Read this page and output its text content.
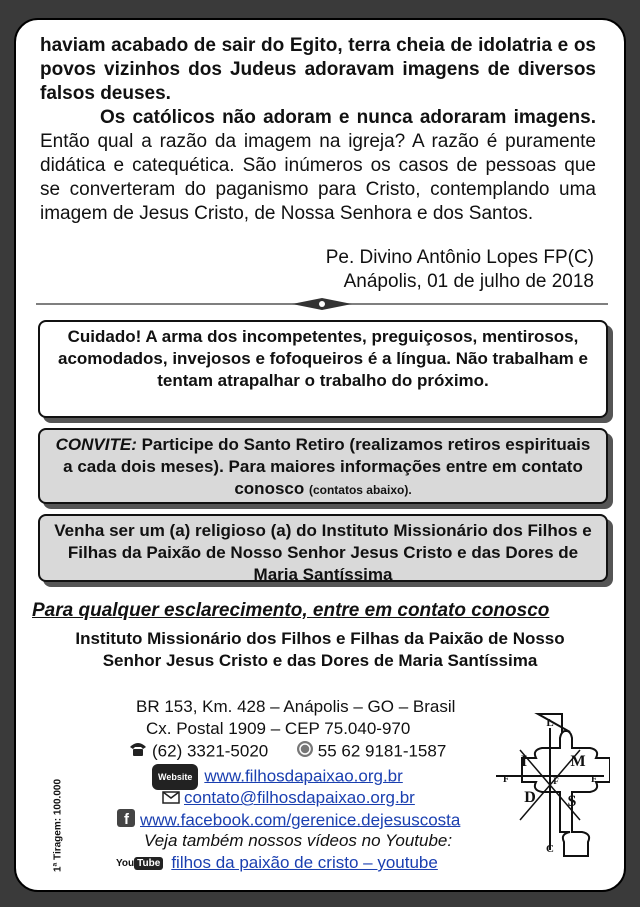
haviam acabado de sair do Egito, terra cheia de idolatria e os povos vizinhos dos Judeus adoravam imagens de diversos falsos deuses.
Os católicos não adoram e nunca adoraram imagens. Então qual a razão da imagem na igreja? A razão é puramente didática e catequética. São inúmeros os casos de pessoas que se converteram do paganismo para Cristo, contemplando uma imagem de Jesus Cristo, de Nossa Senhora e dos Santos.
Pe. Divino Antônio Lopes FP(C)
Anápolis, 01 de julho de 2018
Cuidado! A arma dos incompetentes, preguiçosos, mentirosos, acomodados, invejosos e fofoqueiros é a língua. Não trabalham e tentam atrapalhar o trabalho do próximo.
CONVITE: Participe do Santo Retiro (realizamos retiros espirituais a cada dois meses). Para maiores informações entre em contato conosco (contatos abaixo).
Venha ser um (a) religioso (a) do Instituto Missionário dos Filhos e Filhas da Paixão de Nosso Senhor Jesus Cristo e das Dores de Maria Santíssima
Para qualquer esclarecimento, entre em contato conosco
Instituto Missionário dos Filhos e Filhas da Paixão de Nosso Senhor Jesus Cristo e das Dores de Maria Santíssima
BR 153, Km. 428 – Anápolis – GO – Brasil
Cx. Postal 1909 – CEP 75.040-970
(62) 3321-5020	55 62 9181-1587
Website www.filhosdapaixao.org.br
contato@filhosdapaixao.org.br
f www.facebook.com/gerenice.dejesuscosta
Veja também nossos vídeos no Youtube:
You Tube filhos da paixão de cristo – youtube
1ª Tiragem: 100.000
L
I	M
F	F
F
D S
C
